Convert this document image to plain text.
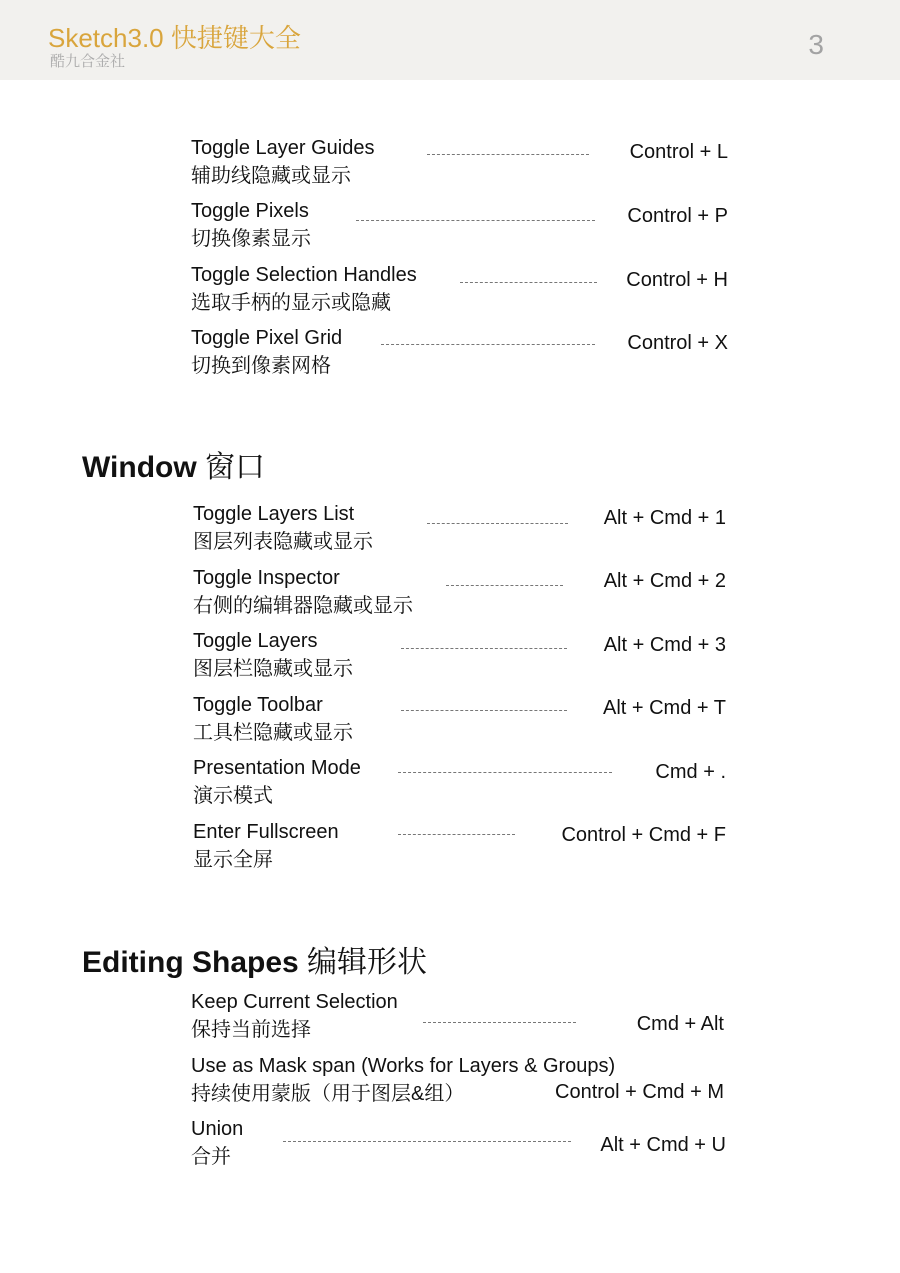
Sketch3.0 快捷键大全
酷九合金社
3
Toggle Layer Guides
辅助线隐藏或显示
Control + L
Toggle Pixels
切换像素显示
Control + P
Toggle Selection Handles
选取手柄的显示或隐藏
Control + H
Toggle Pixel Grid
切换到像素网格
Control + X
Window 窗口
Toggle Layers List
图层列表隐藏或显示
Alt + Cmd + 1
Toggle Inspector
右侧的编辑器隐藏或显示
Alt + Cmd + 2
Toggle Layers
图层栏隐藏或显示
Alt + Cmd + 3
Toggle Toolbar
工具栏隐藏或显示
Alt + Cmd + T
Presentation Mode
演示模式
Cmd + .
Enter Fullscreen
显示全屏
Control + Cmd + F
Editing Shapes 编辑形状
Keep Current Selection
保持当前选择	Cmd + Alt
Use as Mask span (Works for Layers & Groups)
持续使用蒙版（用于图层&组）	Control + Cmd + M
Union
合并
Alt + Cmd + U
